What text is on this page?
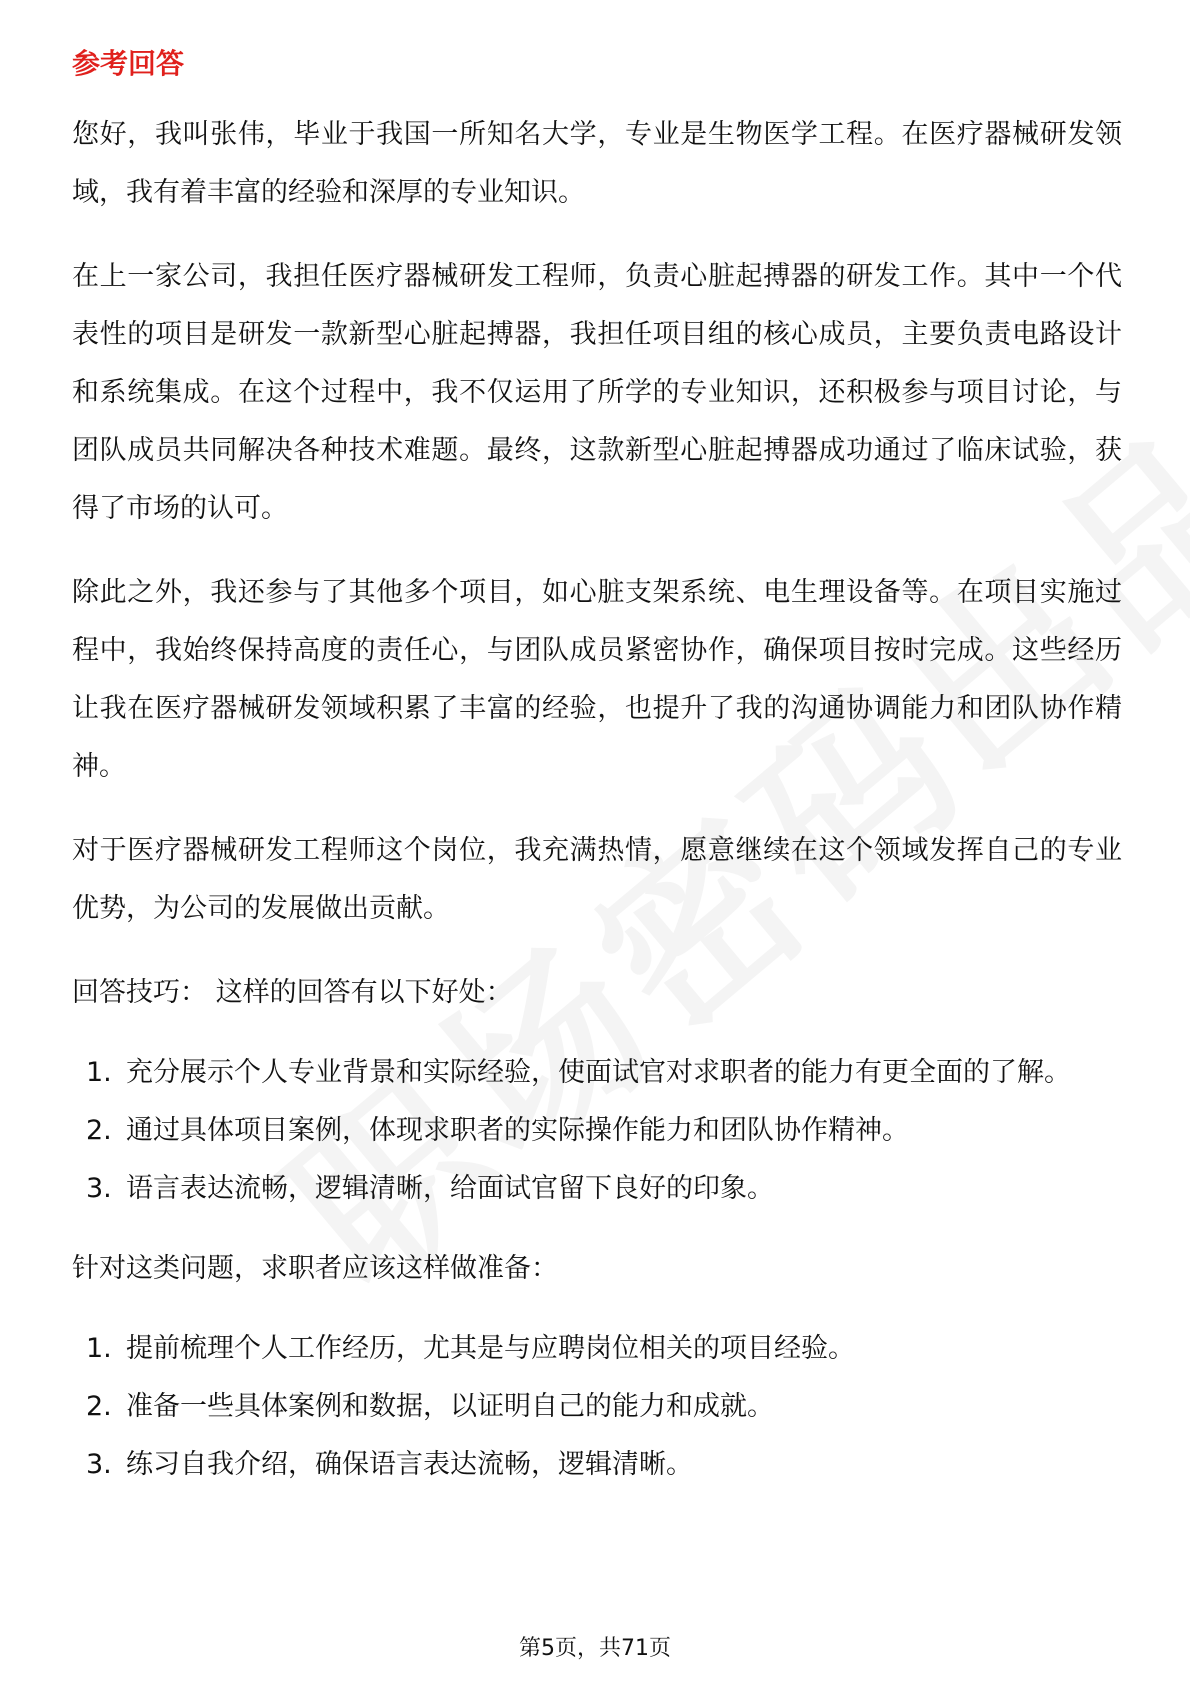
参考回答

您好，我叫张伟，毕业于我国一所知名大学，专业是生物医学工程。在医疗器械研发领域，我有着丰富的经验和深厚的专业知识。

在上一家公司，我担任医疗器械研发工程师，负责心脏起搏器的研发工作。其中一个代表性的项目是研发一款新型心脏起搏器，我担任项目组的核心成员，主要负责电路设计和系统集成。在这个过程中，我不仅运用了所学的专业知识，还积极参与项目讨论，与团队成员共同解决各种技术难题。最终，这款新型心脏起搏器成功通过了临床试验，获得了市场的认可。

除此之外，我还参与了其他多个项目，如心脏支架系统、电生理设备等。在项目实施过程中，我始终保持高度的责任心，与团队成员紧密协作，确保项目按时完成。这些经历让我在医疗器械研发领域积累了丰富的经验，也提升了我的沟通协调能力和团队协作精神。

对于医疗器械研发工程师这个岗位，我充满热情，愿意继续在这个领域发挥自己的专业优势，为公司的发展做出贡献。

回答技巧： 这样的回答有以下好处：

1. 充分展示个人专业背景和实际经验，使面试官对求职者的能力有更全面的了解。
2. 通过具体项目案例，体现求职者的实际操作能力和团队协作精神。
3. 语言表达流畅，逻辑清晰，给面试官留下良好的印象。

针对这类问题，求职者应该这样做准备：

1. 提前梳理个人工作经历，尤其是与应聘岗位相关的项目经验。
2. 准备一些具体案例和数据，以证明自己的能力和成就。
3. 练习自我介绍，确保语言表达流畅，逻辑清晰。
第5页，共71页
